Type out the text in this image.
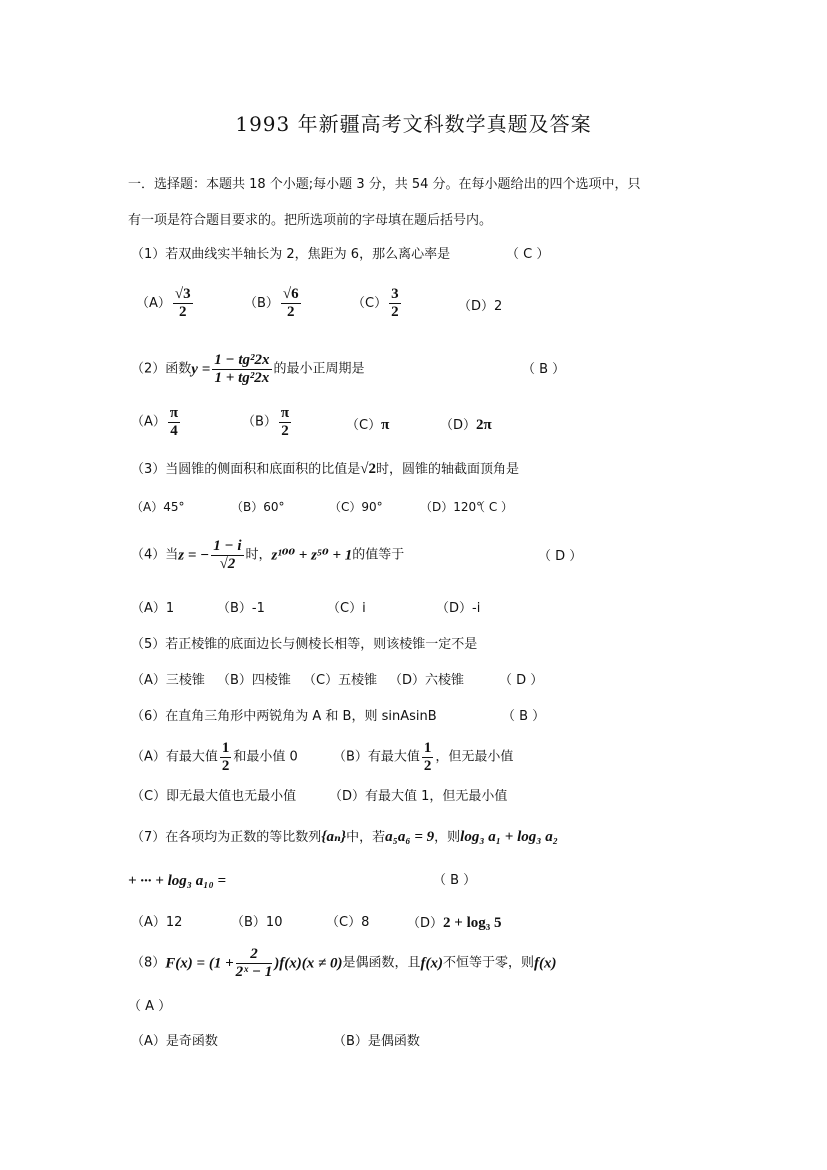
1993 年新疆高考文科数学真题及答案
一．选择题：本题共 18 个小题;每小题 3 分，共 54 分。在每小题给出的四个选项中，只
有一项是符合题目要求的。把所选项前的字母填在题后括号内。
（1）若双曲线实半轴长为 2，焦距为 6，那么离心率是	（ C ）
$(A) \frac{√3}{2}$	$(B) \frac{√6}{2}$	$(C) \frac{3}{2}$	（D）2
（2）函数$y = \frac{\text{1 − tg²2x}}{\text{1 + tg²2x}}$ 的最小正周期是	（ B ）
$(A) \frac{\pi}{4}$	$(B) \frac{\pi}{2}$	（C）π	（D）2π
（3）当圆锥的侧面积和底面积的比值是√2时，圆锥的轴截面顶角是
（A）45°	（B）60°	（C）90°	（D）120°
（ C ）
（4）当z = − $\frac{1 - i}{√2}$ 时，z¹⁰⁰ + z⁵⁰ + 1的值等于	（ D ）
（A）1	（B）-1	（C）i	（D）-i
（5）若正棱锥的底面边长与侧棱长相等，则该棱锥一定不是
（A）三棱锥 （B）四棱锥 （C）五棱锥 （D）六棱锥	（ D ）
（6）在直角三角形中两锐角为 A 和 B，则 sinAsinB	（ B ）
（A）有最大值 $\frac{1}{2}$ 和最小值 0	（B）有最大值 $\frac{1}{2}$ ，但无最小值
（C）即无最大值也无最小值	（D）有最大值 1，但无最小值
（7）在各项均为正数的等比数列{aₙ}中，若a₅a₆ = 9，则log₃ a₁ + log₃ a₂
+ ··· + log₃ a₁₀ =	（ B ）
（A）12	（B）10	（C）8	（D）2 + log₃ 5
$(8)F(x) = (1 + \frac{2}{\text{2ˣ − 1}} )f(x)(x \ne 0)$是偶函数，且f(x)不恒等于零，则f(x)
（ A ）
（A）是奇函数	（B）是偶函数
